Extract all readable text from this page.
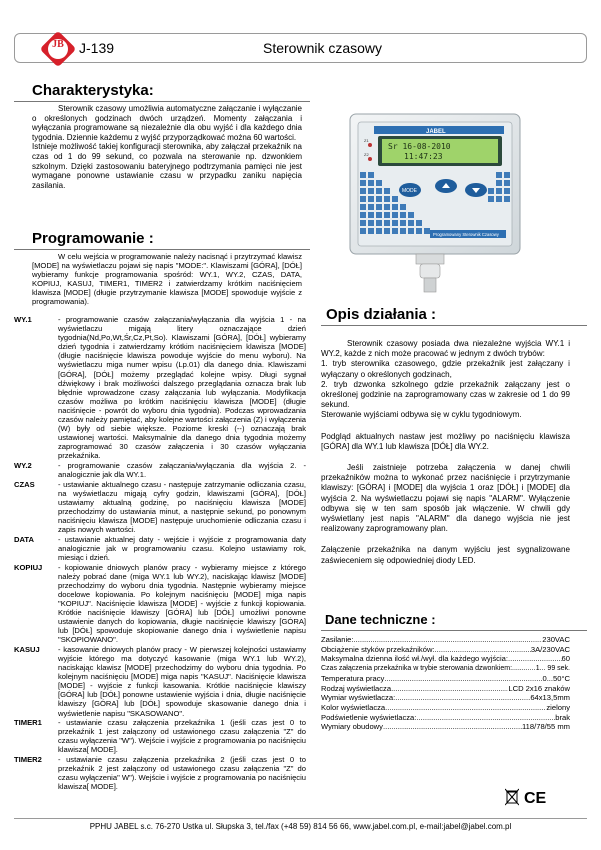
JB	J-139	Sterownik czasowy
Charakterystyka:

Sterownik czasowy umożliwia automatyczne załączanie i wyłączanie o określonych godzinach dwóch urządzeń. Momenty załączania i wyłączania programowane są niezależnie dla obu wyjść i dla każdego dnia tygodnia. Dziennie każdemu z wyjść przyporządkować można 60 wartości.

Istnieje możliwość takiej konfiguracji sterownika, aby załączał przekaźnik na czas od 1 do 99 sekund, co pozwala na sterowanie np. dzwonkiem szkolnym. Dzięki zastosowaniu bateryjnego podtrzymania pamięci nie jest wymagane ponowne ustawianie czasu w przypadku zaniku napięcia zasilania.

Programowanie :

W celu wejścia w programowanie należy nacisnąć i przytrzymać klawisz [MODE] na wyświetlaczu pojawi się napis "MODE:". Klawiszami [GÓRA], [DÓŁ] wybieramy funkcje programowania spośród: WY.1, WY.2, CZAS, DATA, KOPIUJ, KASUJ, TIMER1, TIMER2 i zatwierdzamy krótkim naciśnięciem klawisza [MODE] (długie przytrzymanie klawisza [MODE] spowoduje wyjście z programowania).

WY.1	- programowanie czasów załączania/wyłączania dla wyjścia 1 - na wyświetlaczu migają litery oznaczające dzień tygodnia(Nd,Po,Wt,Śr,Cz,Pt,So). Klawiszami [GÓRA], [DÓŁ] wybieramy dzień tygodnia i zatwierdzamy krótkim naciśnięciem klawisza [MODE] (długie naciśnięcie klawisza powoduje wyjście do menu wyboru). Na wyświetlaczu miga numer wpisu (Lp.01) dla danego dnia. Klawiszami [GÓRA], [DÓŁ] możemy przeglądać kolejne wpisy. Długi sygnał dźwiękowy i brak możliwości dalszego przeglądania oznacza brak lub błędnie wprowadzone czasy załączania lub wyłączania. Modyfikacja czasów możliwa po krótkim naciśnięciu klawisza [MODE] (długie naciśnięcie - powrót do wyboru dnia tygodnia). Podczas wprowadzania czasów należy pamiętać, aby kolejne wartości załączenia (Z) i wyłączenia (W) były od siebie większe. Poziome kreski (--) oznaczają brak ustawionej wartości. Maksymalnie dla danego dnia tygodnia możemy zaprogramować 30 czasów załączenia i 30 czasów wyłączania przekaźnika.
WY.2	- programowanie czasów załączania/wyłączania dla wyjścia 2. - analogicznie jak dla WY.1.
CZAS	- ustawianie aktualnego czasu - następuje zatrzymanie odliczania czasu, na wyświetlaczu migają cyfry godzin, klawiszami [GÓRA], [DÓŁ] ustawiamy aktualną godzinę, po naciśnięciu klawisza [MODE] przechodzimy do ustawiania minut, a następnie sekund, po ponownym naciśnięciu klawisza [MODE] następuje uruchomienie odliczania czasu i zapis nowych wartości.
DATA	- ustawianie aktualnej daty - wejście i wyjście z programowania daty analogicznie jak w programowaniu czasu. Kolejno ustawiamy rok, miesiąc i dzień.
KOPIUJ	- kopiowanie dniowych planów pracy - wybieramy miejsce z którego należy pobrać dane (miga WY.1 lub WY.2), naciskając klawisz [MODE] przechodzimy do wyboru dnia tygodnia. Następnie wybieramy miejsce docelowe kopiowania. Po kolejnym naciśnięciu [MODE] miga napis "KOPIUJ". Naciśnięcie klawisza [MODE] - wyjście z funkcji kopiowania. Krótkie naciśnięcie klawiszy [GÓRA] lub [DÓŁ] umożliwi ponowne ustawienie danych do kopiowania, długie naciśnięcie klawiszy [GÓRA] lub [DÓŁ] spowoduje skopiowanie danego dnia i wyświetlenie napisu "SKOPIOWANO".
KASUJ	- kasowanie dniowych planów pracy - W pierwszej kolejności ustawiamy wyjście którego ma dotyczyć kasowanie (miga WY.1 lub WY.2), naciskając klawisz [MODE] przechodzimy do wyboru dnia tygodnia. Po kolejnym naciśnięciu [MODE] miga napis "KASUJ". Naciśnięcie klawisza [MODE] - wyjście z funkcji kasowania. Krótkie naciśnięcie klawiszy [GÓRA] lub [DÓŁ] ponowne ustawienie wyjścia i dnia, długie naciśnięcie klawiszy [GÓRA] lub [DÓŁ] spowoduje skasowanie danego dnia i wyświetlenie napisu "SKASOWANO".
TIMER1	- ustawianie czasu załączenia przekaźnika 1 (jeśli czas jest 0 to przekaźnik 1 jest załączony od ustawionego czasu załączenia "Z" do czasu wyłączenia "W"). Wejście i wyjście z programowania po naciśnięciu klawisza[ MODE].
TIMER2	- ustawianie czasu załączenia przekaźnika 2 (jeśli czas jest 0 to przekaźnik 2 jest załączony od ustawionego czasu załączenia "Z" do czasu wyłączenia" W"). Wejście i wyjście z programowania po naciśnięciu klawisza[ MODE].
JABEL
Sr 16-08-2010
11:47:23
Z1
Z2
MODE
Programowany Sterownik Czasowy
Opis działania :

Sterownik czasowy posiada dwa niezależne wyjścia WY.1 i WY.2, każde z nich może pracować w jednym z dwóch trybów:

1. tryb sterownika czasowego, gdzie przekaźnik jest załączany i wyłączany o określonych godzinach,

2. tryb dzwonka szkolnego gdzie przekaźnik załączany jest o określonej godzinie na zaprogramowany czas w zakresie od 1 do 99 sekund.

Sterowanie wyjściami odbywa się w cyklu tygodniowym.

Podgląd aktualnych nastaw jest możliwy po naciśnięciu klawisza [GÓRA] dla WY.1 lub klawisza [DÓŁ] dla WY.2.

Jeśli zaistnieje potrzeba załączenia w danej chwili przekaźników można to wykonać przez naciśnięcie i przytrzymanie klawiszy: [GÓRA] i [MODE] dla wyjścia 1 oraz [DÓŁ] i [MODE] dla wyjścia 2. Na wyświetlaczu pojawi się napis "ALARM". Wyłączenie odbywa się w ten sam sposób jak włączenie. W chwili gdy wyświetlany jest napis "ALARM" dla danego wyjścia nie jest realizowany zaprogramowany plan.

Załączenie przekaźnika na danym wyjściu jest sygnalizowane zaświeceniem się odpowiedniej diody LED.

Dane techniczne :
Zasilanie: .....	230VAC
Obciążenie styków przekaźników: .....	3A/230VAC
Maksymalna dzienna ilość wł./wył. dla każdego wyjścia: .....	60
Czas załączenia przekaźnika w trybie sterowania dzwonkiem: .....	1... 99 sek.
Temperatura pracy .....	0...50°C
Rodzaj wyświetlacza .....	LCD 2x16 znaków
Wymiar wyświetlacza: .....	64x13,5mm
Kolor wyświetlacza .....	zielony
Podświetlenie wyświetlacza: .....	brak
Wymiary obudowy .....	118/78/55 mm
CE
PPHU JABEL s.c. 76-270 Ustka ul. Słupska 3, tel./fax (+48 59) 814 56 66, www.jabel.com.pl, e-mail:jabel@jabel.com.pl
